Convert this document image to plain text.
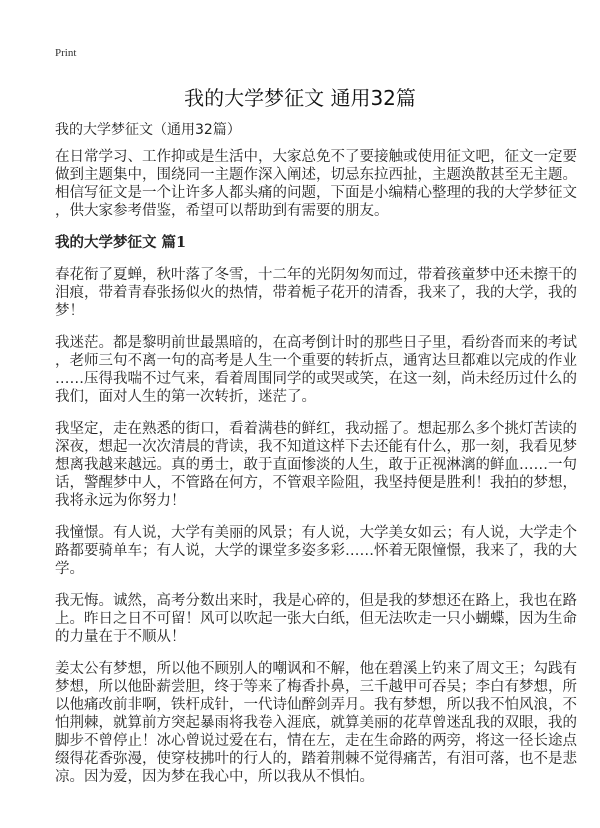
Print
我的大学梦征文 通用32篇
我的大学梦征文（通用32篇）
在日常学习、工作抑或是生活中，大家总免不了要接触或使用征文吧，征文一定要
做到主题集中，围绕同一主题作深入阐述，切忌东拉西扯，主题涣散甚至无主题。
相信写征文是一个让许多人都头痛的问题，下面是小编精心整理的我的大学梦征文
，供大家参考借鉴，希望可以帮助到有需要的朋友。
我的大学梦征文 篇1
春花衔了夏蝉，秋叶落了冬雪，十二年的光阴匆匆而过，带着孩童梦中还未擦干的
泪痕，带着青春张扬似火的热情，带着栀子花开的清香，我来了，我的大学，我的
梦！
我迷茫。都是黎明前世最黑暗的，在高考倒计时的那些日子里，看纷沓而来的考试
，老师三句不离一句的高考是人生一个重要的转折点，通宵达旦都难以完成的作业
……压得我喘不过气来，看着周围同学的或哭或笑，在这一刻，尚未经历过什么的
我们，面对人生的第一次转折，迷茫了。
我坚定，走在熟悉的街口，看着满巷的鲜红，我动摇了。想起那么多个挑灯苦读的
深夜，想起一次次清晨的背读，我不知道这样下去还能有什么，那一刻，我看见梦
想离我越来越远。真的勇士，敢于直面惨淡的人生，敢于正视淋漓的鲜血……一句
话，警醒梦中人，不管路在何方，不管艰辛险阻，我坚持便是胜利！我拍的梦想，
我将永远为你努力！
我憧憬。有人说，大学有美丽的风景；有人说，大学美女如云；有人说，大学走个
路都要骑单车；有人说，大学的课堂多姿多彩……怀着无限憧憬，我来了，我的大
学。
我无悔。诚然，高考分数出来时，我是心碎的，但是我的梦想还在路上，我也在路
上。昨日之日不可留！风可以吹起一张大白纸，但无法吹走一只小蝴蝶，因为生命
的力量在于不顺从！
姜太公有梦想，所以他不顾别人的嘲讽和不解，他在碧溪上钓来了周文王；勾践有
梦想，所以他卧薪尝胆，终于等来了梅香扑鼻，三千越甲可吞吴；李白有梦想，所
以他痛改前非啊，铁杆成针，一代诗仙醉剑弄月。我有梦想，所以我不怕风浪，不
怕荆棘，就算前方突起暴雨将我卷入涯底，就算美丽的花草曾迷乱我的双眼，我的
脚步不曾停止！冰心曾说过爱在右，情在左，走在生命路的两旁，将这一径长途点
缀得花香弥漫，使穿枝拂叶的行人的，踏着荆棘不觉得痛苦，有泪可落，也不是悲
凉。因为爱，因为梦在我心中，所以我从不惧怕。
